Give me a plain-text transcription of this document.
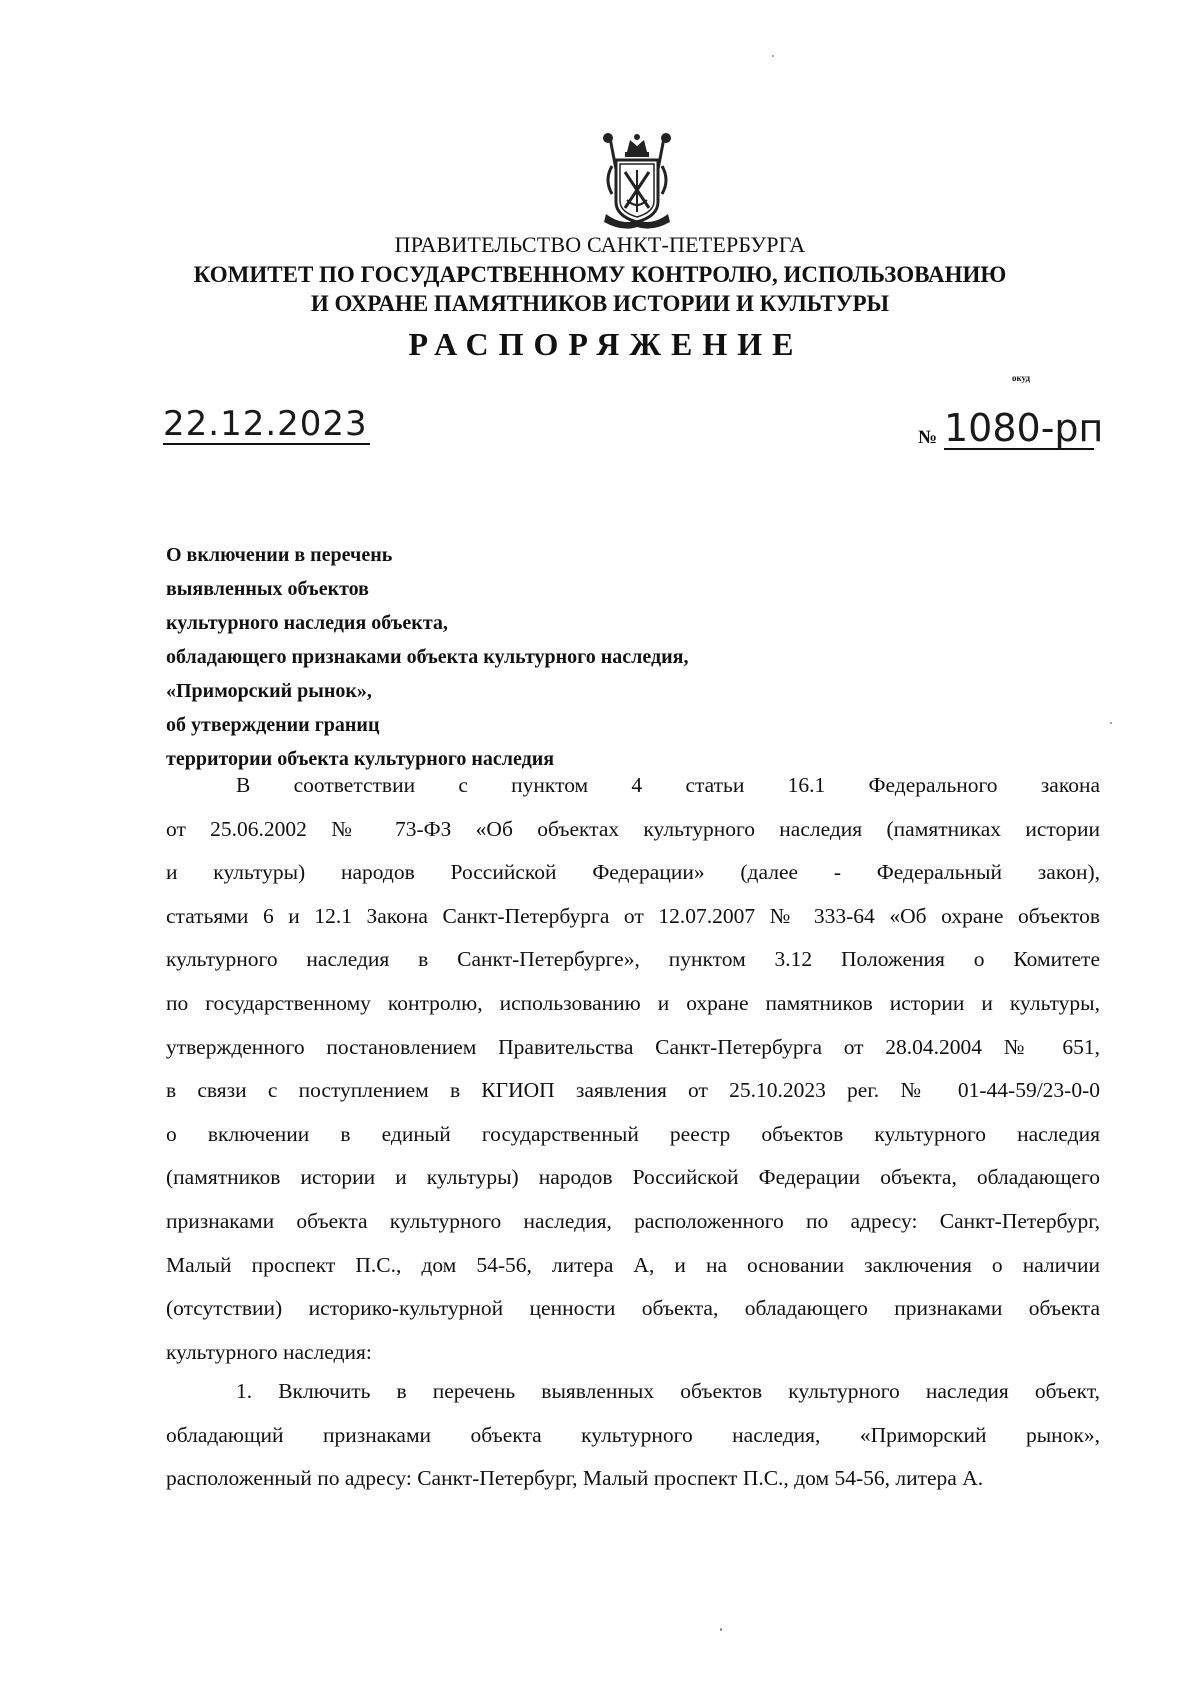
ПРАВИТЕЛЬСТВО САНКТ-ПЕТЕРБУРГА
КОМИТЕТ ПО ГОСУДАРСТВЕННОМУ КОНТРОЛЮ, ИСПОЛЬЗОВАНИЮ
И ОХРАНЕ ПАМЯТНИКОВ ИСТОРИИ И КУЛЬТУРЫ
РАСПОРЯЖЕНИЕ
окуд
22.12.2023	№ 1080-рп
О включении в перечень
выявленных объектов
культурного наследия объекта,
обладающего признаками объекта культурного наследия,
«Приморский рынок»,
об утверждении границ
территории объекта культурного наследия
В соответствии с пунктом 4 статьи 16.1 Федерального закона
от 25.06.2002 № 73-ФЗ «Об объектах культурного наследия (памятниках истории
и культуры) народов Российской Федерации» (далее - Федеральный закон),
статьями 6 и 12.1 Закона Санкт-Петербурга от 12.07.2007 № 333-64 «Об охране объектов
культурного наследия в Санкт-Петербурге», пунктом 3.12 Положения о Комитете
по государственному контролю, использованию и охране памятников истории и культуры,
утвержденного постановлением Правительства Санкт-Петербурга от 28.04.2004 № 651,
в связи с поступлением в КГИОП заявления от 25.10.2023 рег. № 01-44-59/23-0-0
о включении в единый государственный реестр объектов культурного наследия
(памятников истории и культуры) народов Российской Федерации объекта, обладающего
признаками объекта культурного наследия, расположенного по адресу: Санкт-Петербург,
Малый проспект П.С., дом 54-56, литера А, и на основании заключения о наличии
(отсутствии) историко-культурной ценности объекта, обладающего признаками объекта
культурного наследия:
1. Включить в перечень выявленных объектов культурного наследия объект,
обладающий признаками объекта культурного наследия, «Приморский рынок»,
расположенный по адресу: Санкт-Петербург, Малый проспект П.С., дом 54-56, литера А.
